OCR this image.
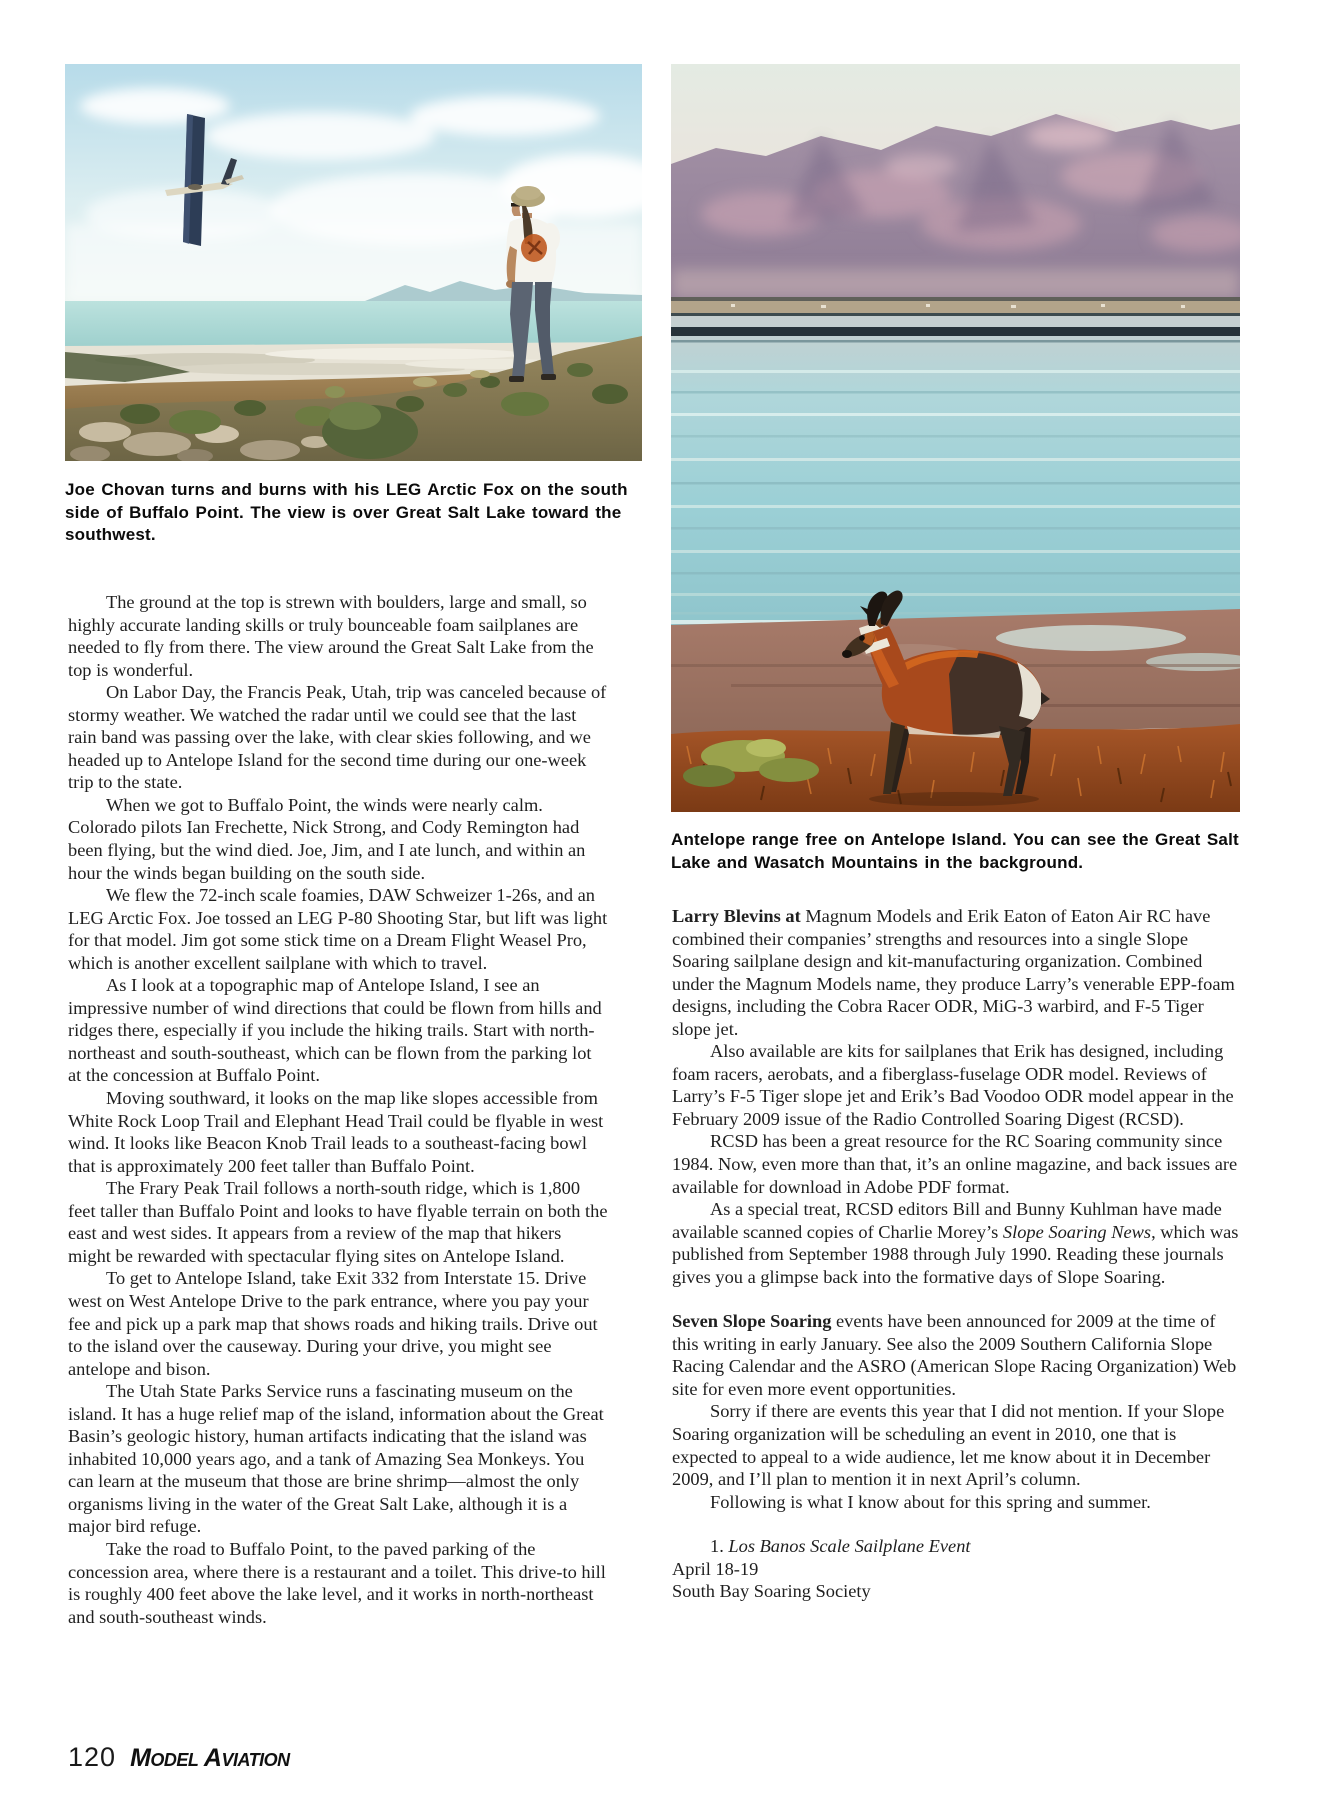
Joe Chovan turns and burns with his LEG Arctic Fox on the south side of Buffalo Point. The view is over Great Salt Lake toward the southwest.
Antelope range free on Antelope Island. You can see the Great Salt Lake and Wasatch Mountains in the background.

The ground at the top is strewn with boulders, large and small, so highly accurate landing skills or truly bounceable foam sailplanes are needed to fly from there. The view around the Great Salt Lake from the top is wonderful.

On Labor Day, the Francis Peak, Utah, trip was canceled because of stormy weather. We watched the radar until we could see that the last rain band was passing over the lake, with clear skies following, and we headed up to Antelope Island for the second time during our one-week trip to the state.

When we got to Buffalo Point, the winds were nearly calm. Colorado pilots Ian Frechette, Nick Strong, and Cody Remington had been flying, but the wind died. Joe, Jim, and I ate lunch, and within an hour the winds began building on the south side.

We flew the 72-inch scale foamies, DAW Schweizer 1-26s, and an LEG Arctic Fox. Joe tossed an LEG P-80 Shooting Star, but lift was light for that model. Jim got some stick time on a Dream Flight Weasel Pro, which is another excellent sailplane with which to travel.

As I look at a topographic map of Antelope Island, I see an impressive number of wind directions that could be flown from hills and ridges there, especially if you include the hiking trails. Start with north-northeast and south-southeast, which can be flown from the parking lot at the concession at Buffalo Point.

Moving southward, it looks on the map like slopes accessible from White Rock Loop Trail and Elephant Head Trail could be flyable in west wind. It looks like Beacon Knob Trail leads to a southeast-facing bowl that is approximately 200 feet taller than Buffalo Point.

The Frary Peak Trail follows a north-south ridge, which is 1,800 feet taller than Buffalo Point and looks to have flyable terrain on both the east and west sides. It appears from a review of the map that hikers might be rewarded with spectacular flying sites on Antelope Island.

To get to Antelope Island, take Exit 332 from Interstate 15. Drive west on West Antelope Drive to the park entrance, where you pay your fee and pick up a park map that shows roads and hiking trails. Drive out to the island over the causeway. During your drive, you might see antelope and bison.

The Utah State Parks Service runs a fascinating museum on the island. It has a huge relief map of the island, information about the Great Basin’s geologic history, human artifacts indicating that the island was inhabited 10,000 years ago, and a tank of Amazing Sea Monkeys. You can learn at the museum that those are brine shrimp—almost the only organisms living in the water of the Great Salt Lake, although it is a major bird refuge.

Take the road to Buffalo Point, to the paved parking of the concession area, where there is a restaurant and a toilet. This drive-to hill is roughly 400 feet above the lake level, and it works in north-northeast and south-southeast winds.

Larry Blevins at Magnum Models and Erik Eaton of Eaton Air RC have combined their companies’ strengths and resources into a single Slope Soaring sailplane design and kit-manufacturing organization. Combined under the Magnum Models name, they produce Larry’s venerable EPP-foam designs, including the Cobra Racer ODR, MiG-3 warbird, and F-5 Tiger slope jet.

Also available are kits for sailplanes that Erik has designed, including foam racers, aerobats, and a fiberglass-fuselage ODR model. Reviews of Larry’s F-5 Tiger slope jet and Erik’s Bad Voodoo ODR model appear in the February 2009 issue of the Radio Controlled Soaring Digest (RCSD).

RCSD has been a great resource for the RC Soaring community since 1984. Now, even more than that, it’s an online magazine, and back issues are available for download in Adobe PDF format.

As a special treat, RCSD editors Bill and Bunny Kuhlman have made available scanned copies of Charlie Morey’s Slope Soaring News, which was published from September 1988 through July 1990. Reading these journals gives you a glimpse back into the formative days of Slope Soaring.

Seven Slope Soaring events have been announced for 2009 at the time of this writing in early January. See also the 2009 Southern California Slope Racing Calendar and the ASRO (American Slope Racing Organization) Web site for even more event opportunities.

Sorry if there are events this year that I did not mention. If your Slope Soaring organization will be scheduling an event in 2010, one that is expected to appeal to a wide audience, let me know about it in December 2009, and I’ll plan to mention it in next April’s column.

Following is what I know about for this spring and summer.

1. Los Banos Scale Sailplane Event

April 18-19

South Bay Soaring Society

120 Model Aviation
